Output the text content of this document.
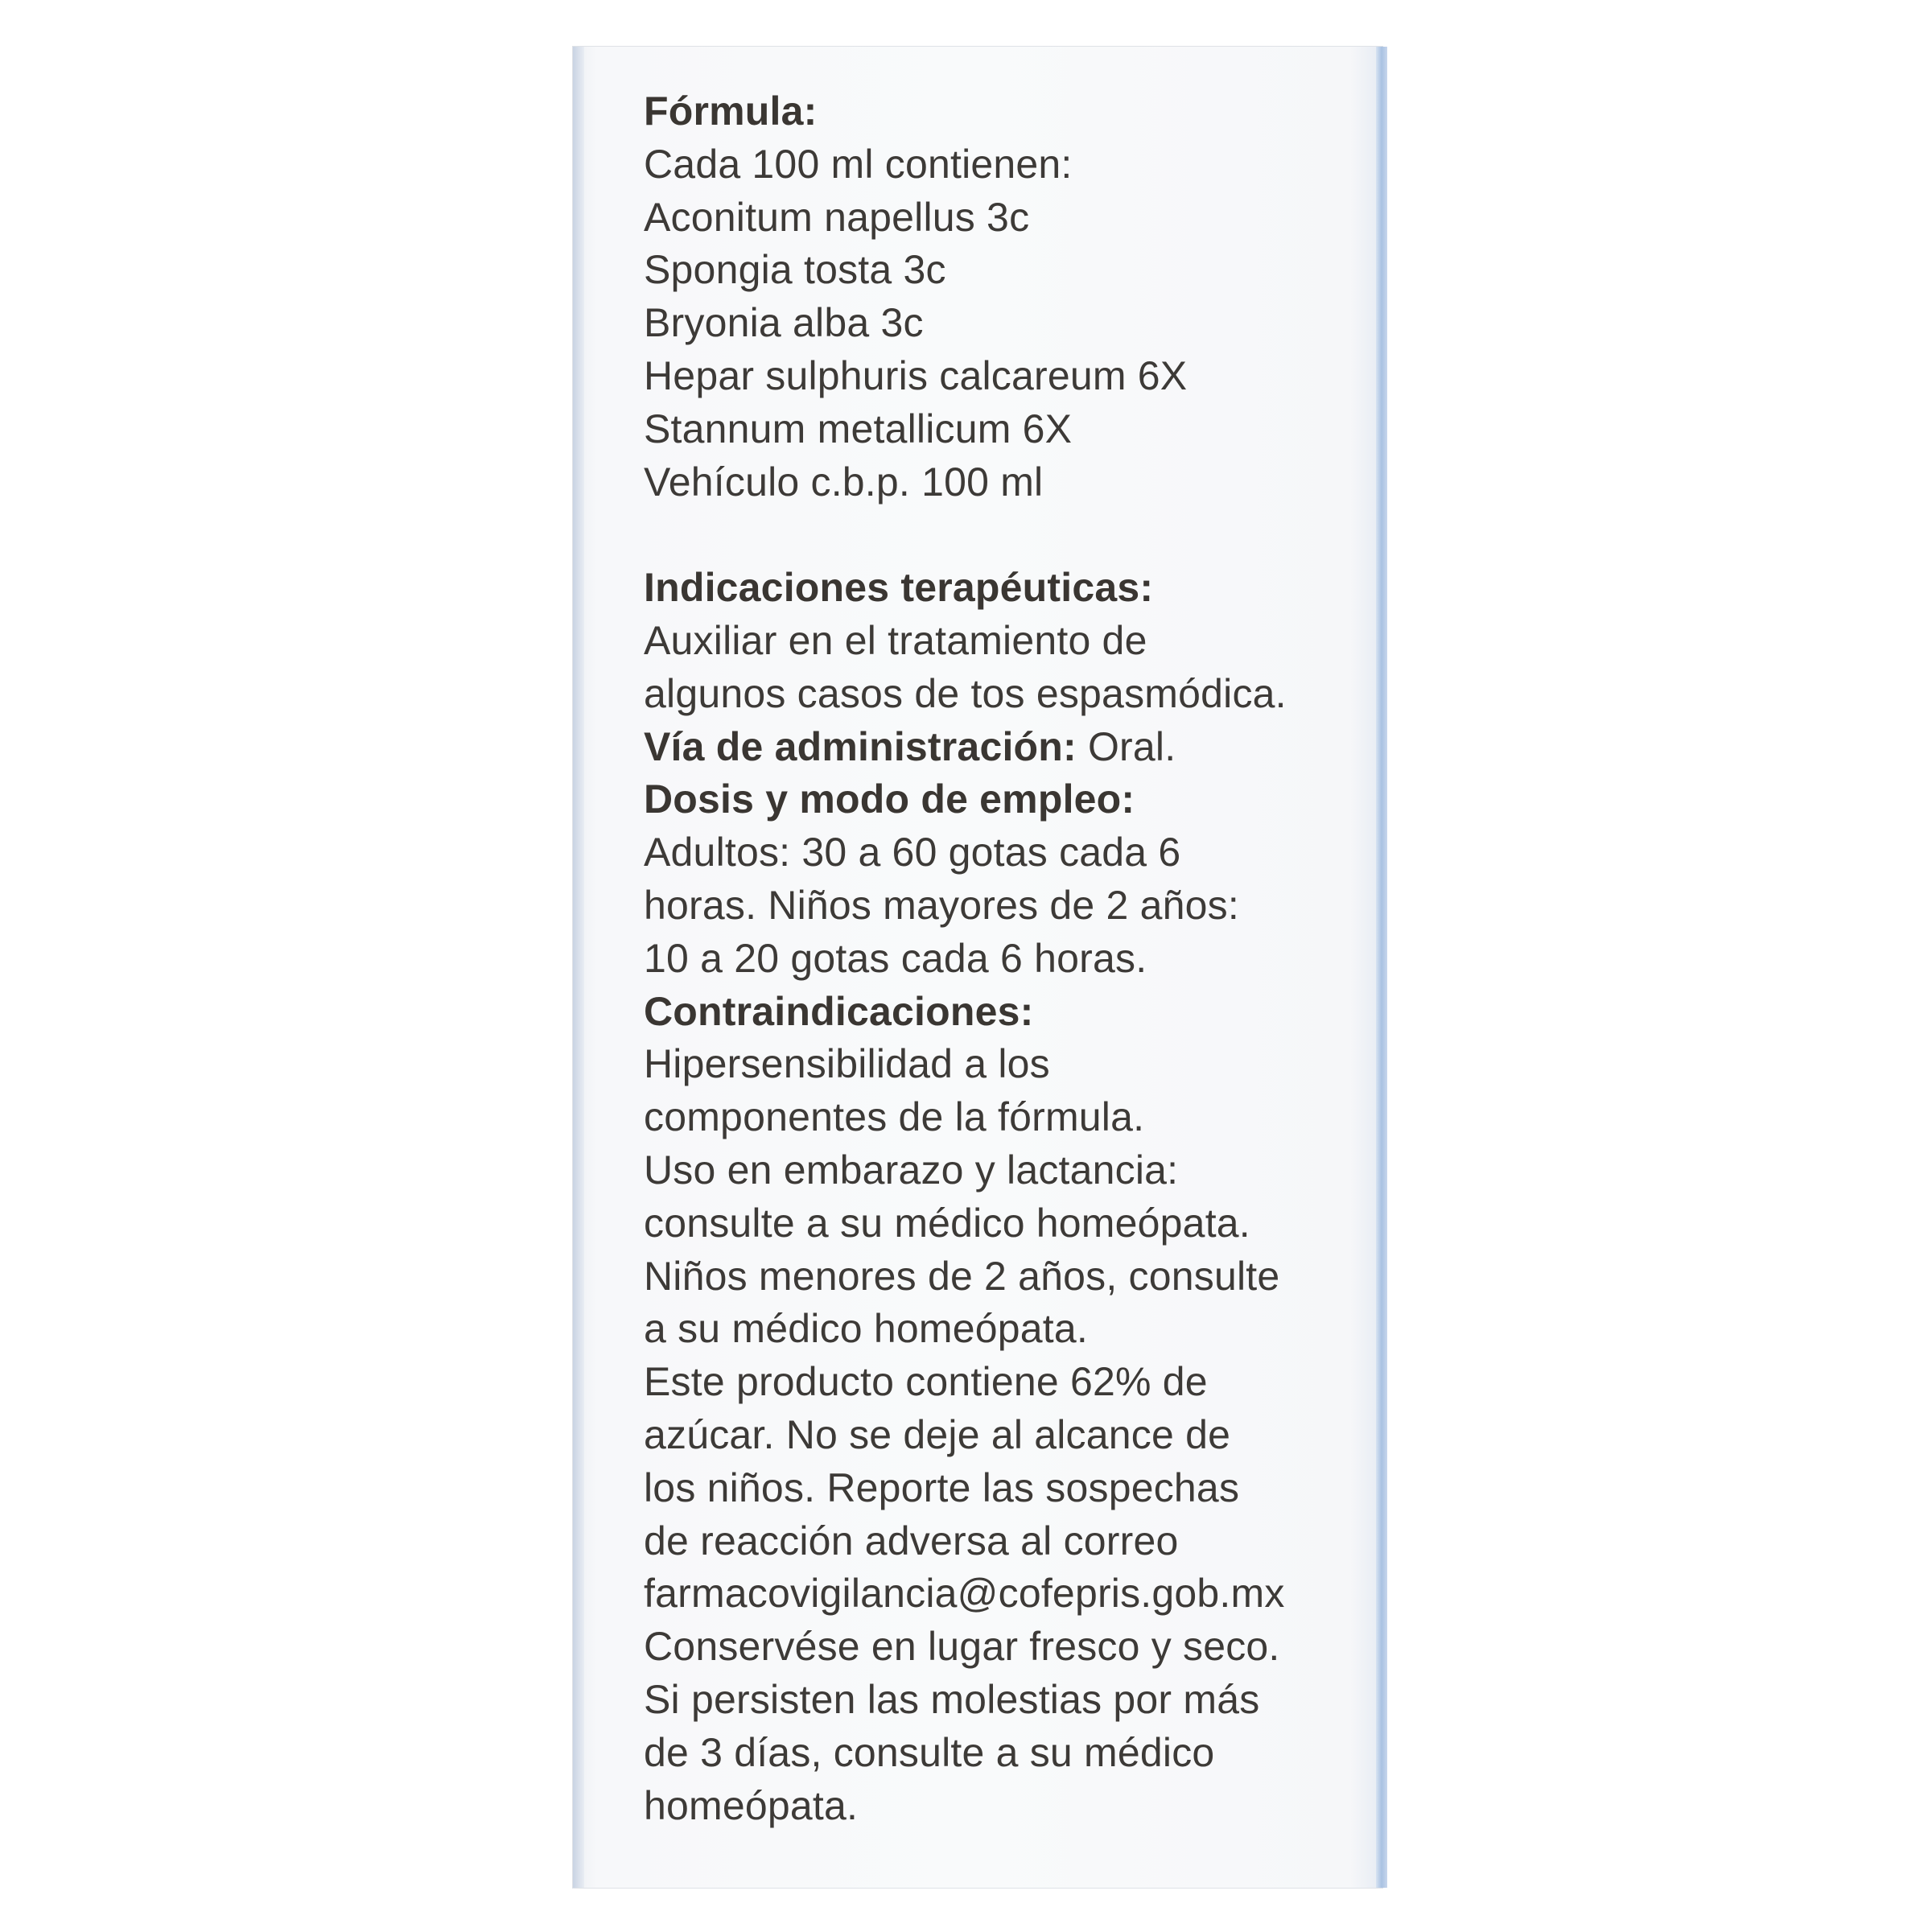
Fórmula:

Cada 100 ml contienen:

Aconitum napellus 3c

Spongia tosta 3c

Bryonia alba 3c

Hepar sulphuris calcareum 6X

Stannum metallicum 6X

Vehículo c.b.p. 100 ml

Indicaciones terapéuticas:

Auxiliar en el tratamiento de

algunos casos de tos espasmódica.

Vía de administración: Oral.

Dosis y modo de empleo:

Adultos: 30 a 60 gotas cada 6

horas. Niños mayores de 2 años:

10 a 20 gotas cada 6 horas.

Contraindicaciones:

Hipersensibilidad a los

componentes de la fórmula.

Uso en embarazo y lactancia:

consulte a su médico homeópata.

Niños menores de 2 años, consulte

a su médico homeópata.

Este producto contiene 62% de

azúcar. No se deje al alcance de

los niños. Reporte las sospechas

de reacción adversa al correo

farmacovigilancia@cofepris.gob.mx

Conservése en lugar fresco y seco.

Si persisten las molestias por más

de 3 días, consulte a su médico

homeópata.
